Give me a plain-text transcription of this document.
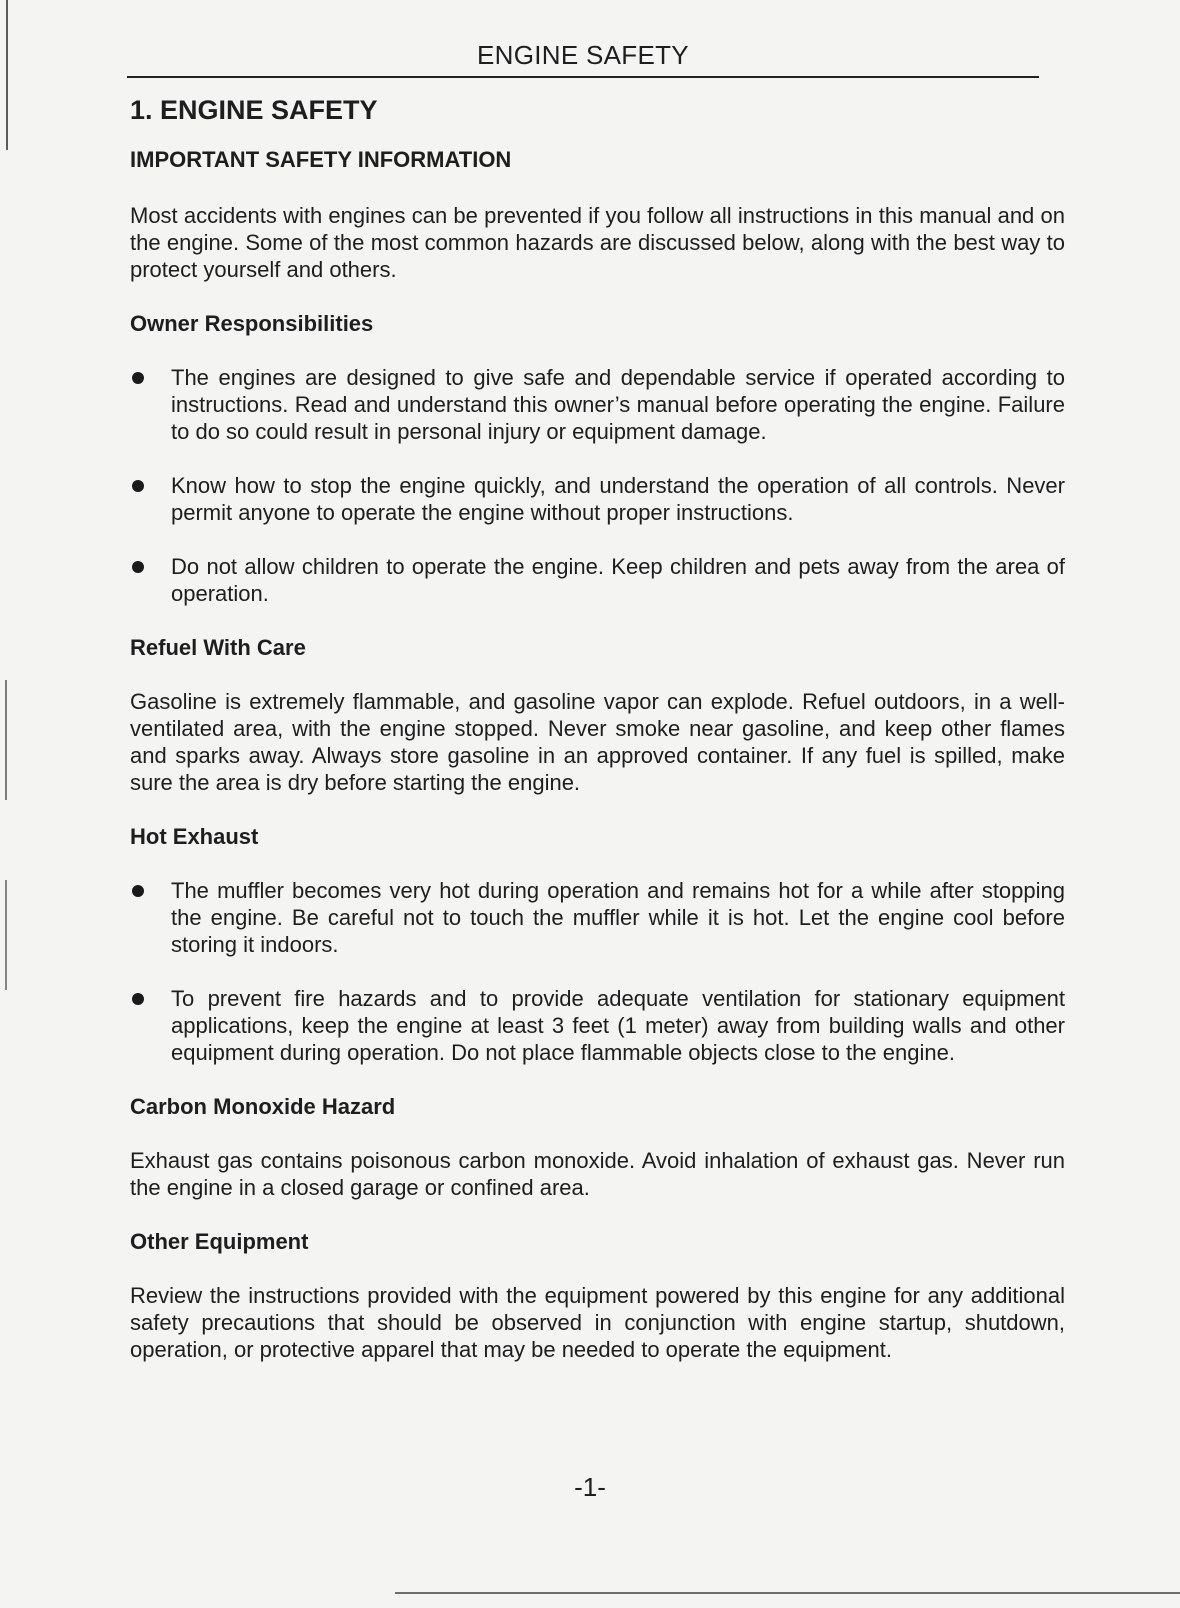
ENGINE SAFETY
1. ENGINE SAFETY
IMPORTANT SAFETY INFORMATION

Most accidents with engines can be prevented if you follow all instructions in this manual and on the engine. Some of the most common hazards are discussed below, along with the best way to protect yourself and others.

Owner Responsibilities
The engines are designed to give safe and dependable service if operated according to instructions. Read and understand this owner’s manual before operating the engine. Failure to do so could result in personal injury or equipment damage.
Know how to stop the engine quickly, and understand the operation of all controls. Never permit anyone to operate the engine without proper instructions.
Do not allow children to operate the engine. Keep children and pets away from the area of operation.
Refuel With Care

Gasoline is extremely flammable, and gasoline vapor can explode. Refuel outdoors, in a well-ventilated area, with the engine stopped. Never smoke near gasoline, and keep other flames and sparks away. Always store gasoline in an approved container. If any fuel is spilled, make sure the area is dry before starting the engine.

Hot Exhaust
The muffler becomes very hot during operation and remains hot for a while after stopping the engine. Be careful not to touch the muffler while it is hot. Let the engine cool before storing it indoors.
To prevent fire hazards and to provide adequate ventilation for stationary equipment applications, keep the engine at least 3 feet (1 meter) away from building walls and other equipment during operation. Do not place flammable objects close to the engine.
Carbon Monoxide Hazard

Exhaust gas contains poisonous carbon monoxide. Avoid inhalation of exhaust gas. Never run the engine in a closed garage or confined area.

Other Equipment

Review the instructions provided with the equipment powered by this engine for any additional safety precautions that should be observed in conjunction with engine startup, shutdown, operation, or protective apparel that may be needed to operate the equipment.

-1-
